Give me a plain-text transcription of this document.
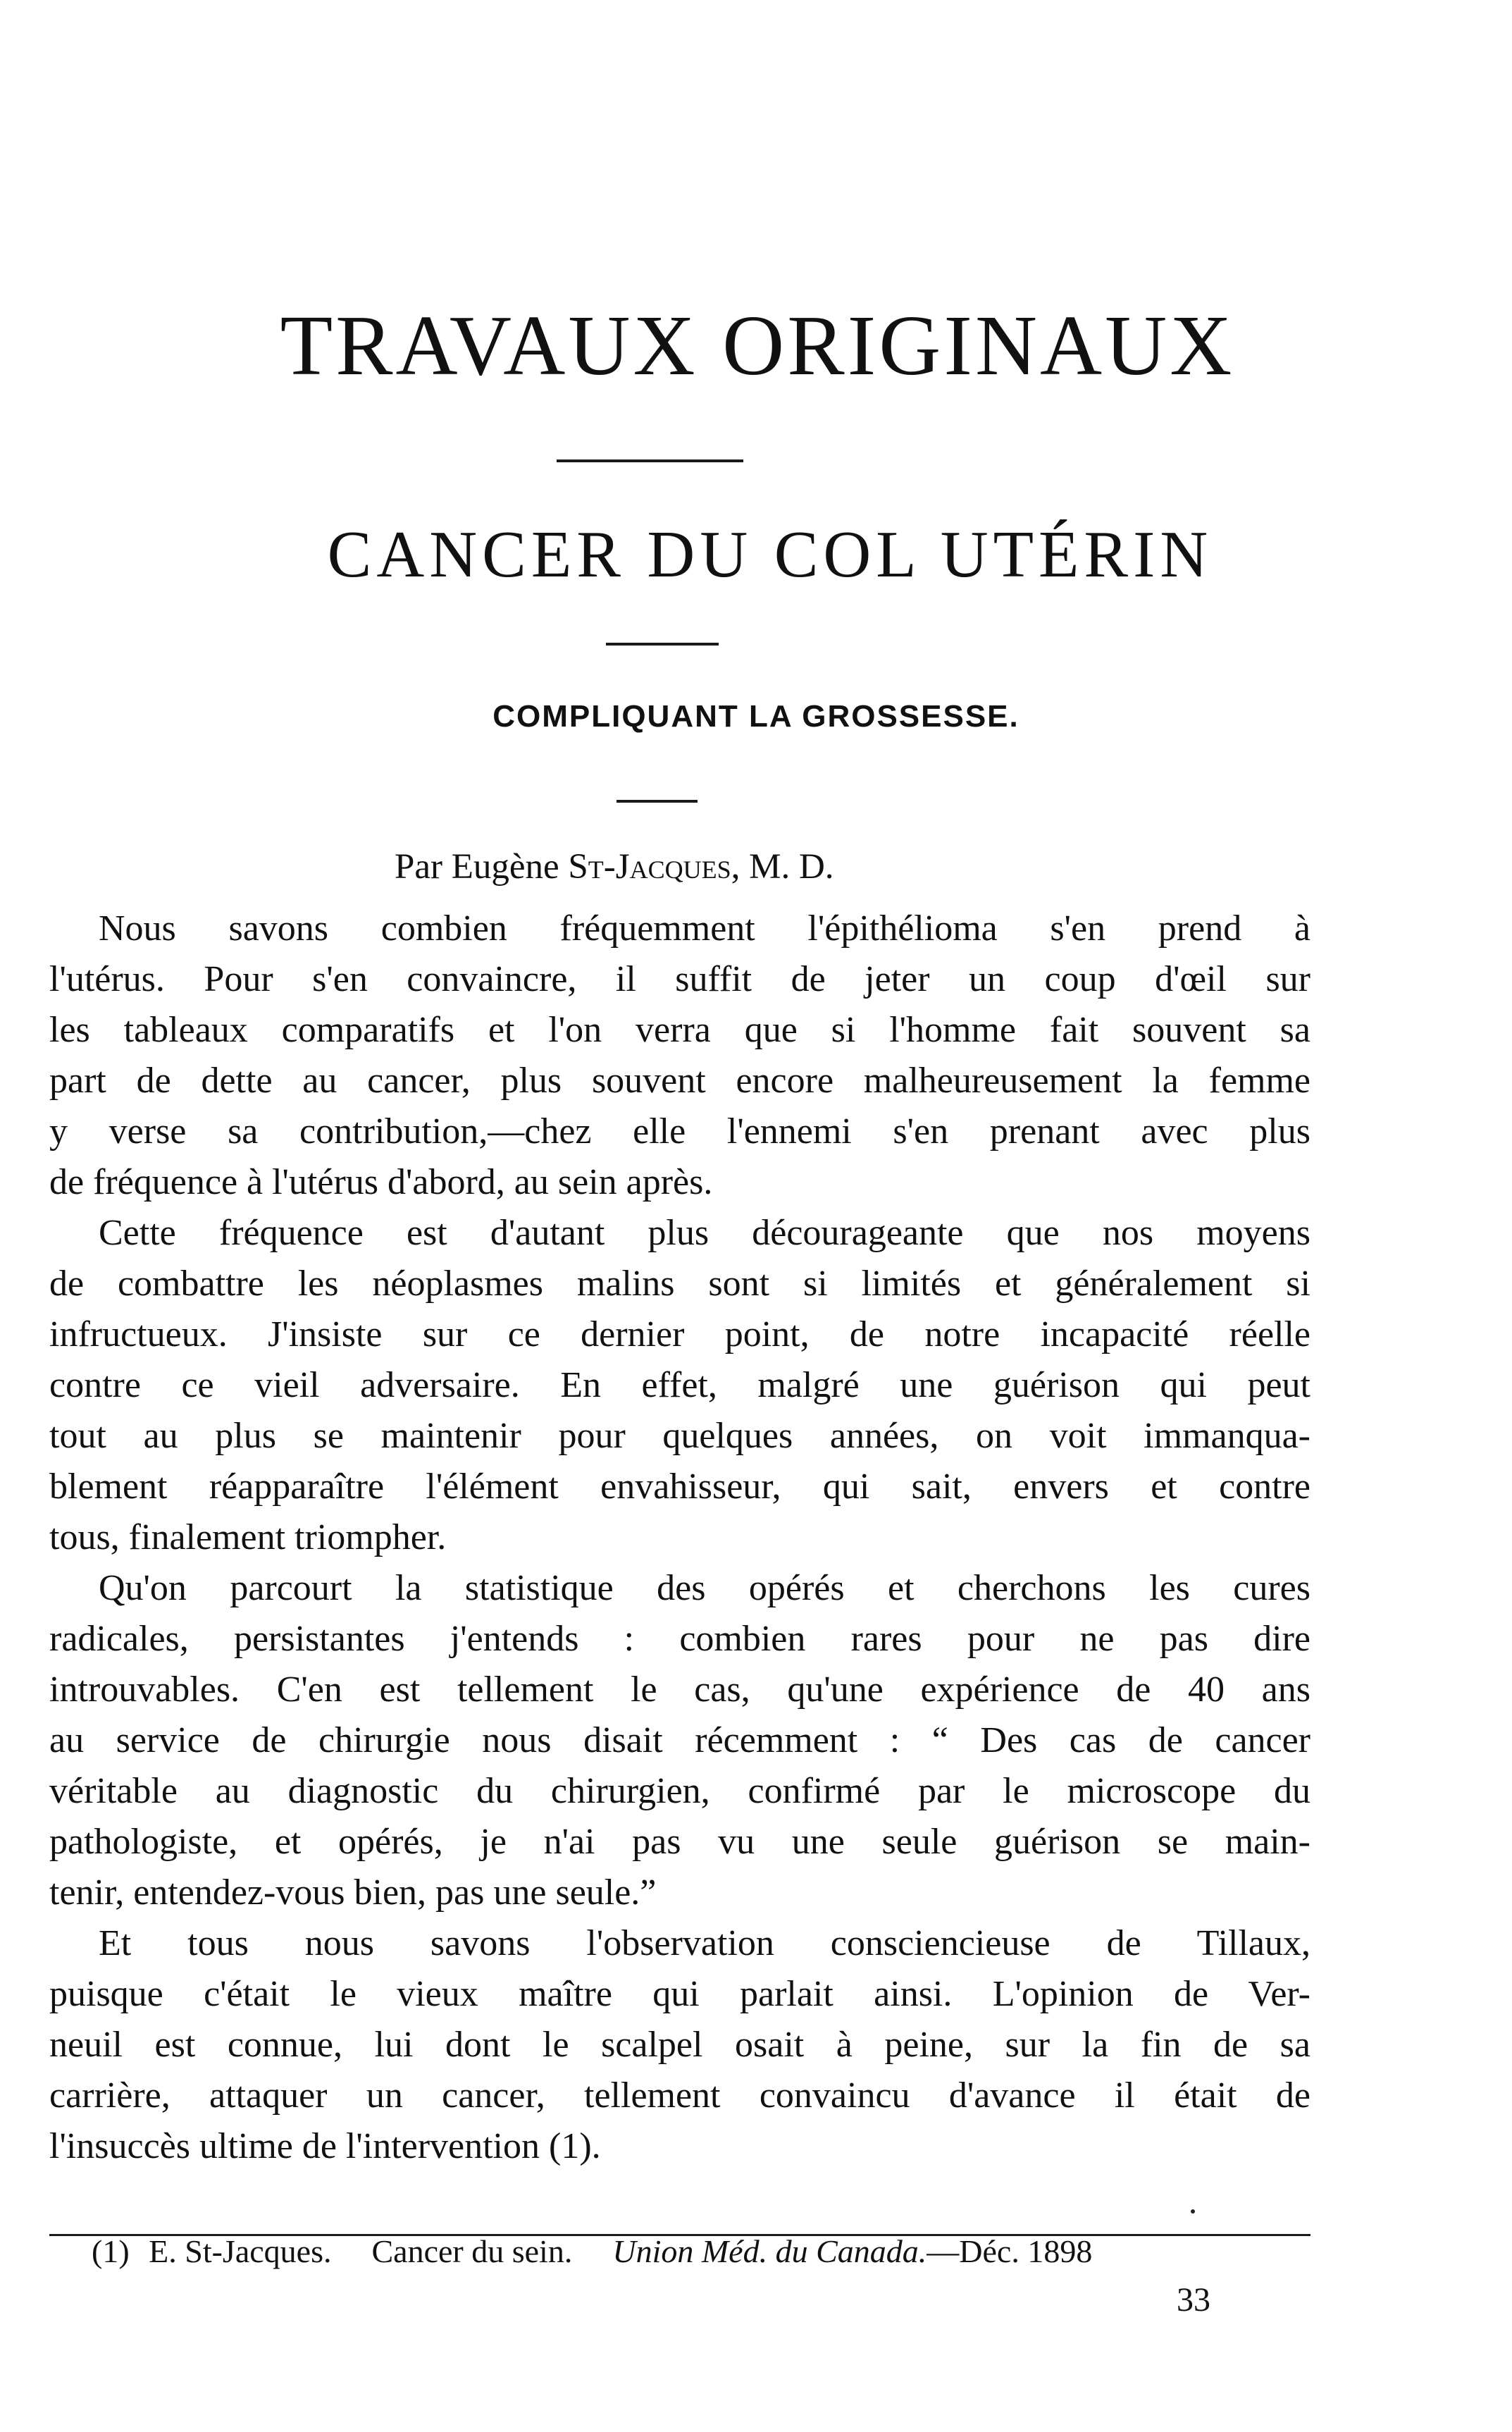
TRAVAUX ORIGINAUX
CANCER DU COL UTÉRIN
COMPLIQUANT LA GROSSESSE.
Par Eugène St-Jacques, M. D.
Nous savons combien fréquemment l'épithélioma s'en prend à
l'utérus. Pour s'en convaincre, il suffit de jeter un coup d'œil sur
les tableaux comparatifs et l'on verra que si l'homme fait souvent sa
part de dette au cancer, plus souvent encore malheureusement la femme
y verse sa contribution,—chez elle l'ennemi s'en prenant avec plus
de fréquence à l'utérus d'abord, au sein après.
Cette fréquence est d'autant plus décourageante que nos moyens
de combattre les néoplasmes malins sont si limités et généralement si
infructueux. J'insiste sur ce dernier point, de notre incapacité réelle
contre ce vieil adversaire. En effet, malgré une guérison qui peut
tout au plus se maintenir pour quelques années, on voit immanqua-
blement réapparaître l'élément envahisseur, qui sait, envers et contre
tous, finalement triompher.
Qu'on parcourt la statistique des opérés et cherchons les cures
radicales, persistantes j'entends : combien rares pour ne pas dire
introuvables. C'en est tellement le cas, qu'une expérience de 40 ans
au service de chirurgie nous disait récemment : “ Des cas de cancer
véritable au diagnostic du chirurgien, confirmé par le microscope du
pathologiste, et opérés, je n'ai pas vu une seule guérison se main-
tenir, entendez-vous bien, pas une seule.”
Et tous nous savons l'observation consciencieuse de Tillaux,
puisque c'était le vieux maître qui parlait ainsi. L'opinion de Ver-
neuil est connue, lui dont le scalpel osait à peine, sur la fin de sa
carrière, attaquer un cancer, tellement convaincu d'avance il était de
l'insuccès ultime de l'intervention (1).
(1) E. St-Jacques. Cancer du sein. Union Méd. du Canada.—Déc. 1898
33
